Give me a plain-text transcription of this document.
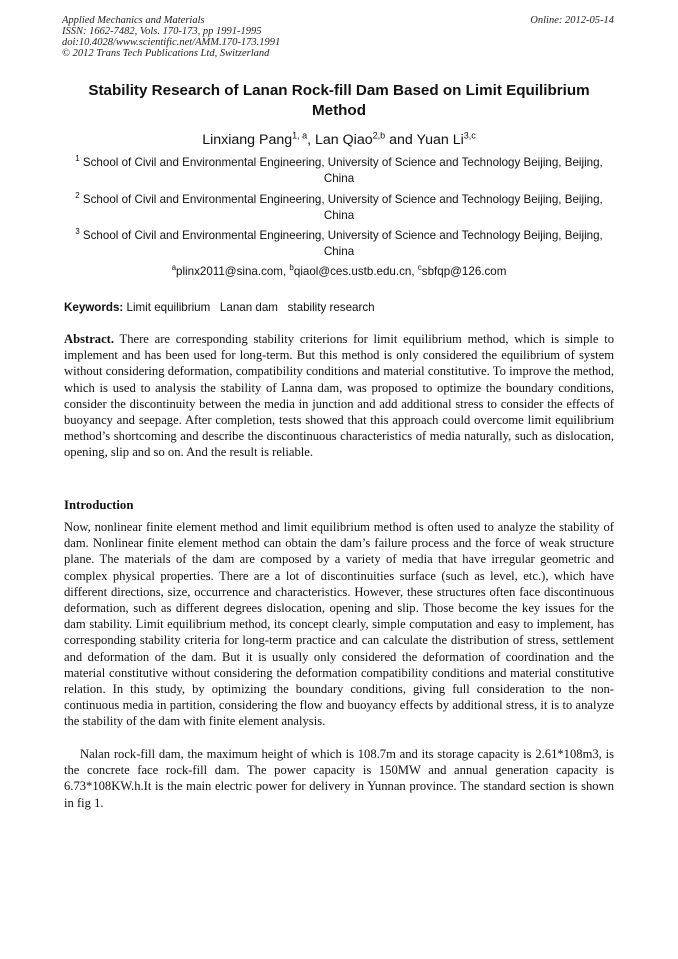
Applied Mechanics and Materials
ISSN: 1662-7482, Vols. 170-173, pp 1991-1995
doi:10.4028/www.scientific.net/AMM.170-173.1991
© 2012 Trans Tech Publications Ltd, Switzerland
Online: 2012-05-14
Stability Research of Lanan Rock-fill Dam Based on Limit Equilibrium Method
Linxiang Pang$^{1, a}$, Lan Qiao$^{2,b}$ and Yuan Li$^{3,c}$
$^1$ School of Civil and Environmental Engineering, University of Science and Technology Beijing, Beijing, China
$^2$ School of Civil and Environmental Engineering, University of Science and Technology Beijing, Beijing, China
$^3$ School of Civil and Environmental Engineering, University of Science and Technology Beijing, Beijing, China
$^a$plinx2011@sina.com, $^b$qiaol@ces.ustb.edu.cn, $^c$sbfqp@126.com
Keywords: Limit equilibrium   Lanan dam   stability research
Abstract. There are corresponding stability criterions for limit equilibrium method, which is simple to implement and has been used for long-term. But this method is only considered the equilibrium of system without considering deformation, compatibility conditions and material constitutive. To improve the method, which is used to analysis the stability of Lanna dam, was proposed to optimize the boundary conditions, consider the discontinuity between the media in junction and add additional stress to consider the effects of buoyancy and seepage. After completion, tests showed that this approach could overcome limit equilibrium method’s shortcoming and describe the discontinuous characteristics of media naturally, such as dislocation, opening, slip and so on. And the result is reliable.
Introduction
Now, nonlinear finite element method and limit equilibrium method is often used to analyze the stability of dam. Nonlinear finite element method can obtain the dam’s failure process and the force of weak structure plane. The materials of the dam are composed by a variety of media that have irregular geometric and complex physical properties. There are a lot of discontinuities surface (such as level, etc.), which have different directions, size, occurrence and characteristics. However, these structures often face discontinuous deformation, such as different degrees dislocation, opening and slip. Those become the key issues for the dam stability. Limit equilibrium method, its concept clearly, simple computation and easy to implement, has corresponding stability criteria for long-term practice and can calculate the distribution of stress, settlement and deformation of the dam. But it is usually only considered the deformation of coordination and the material constitutive without considering the deformation compatibility conditions and material constitutive relation. In this study, by optimizing the boundary conditions, giving full consideration to the non-continuous media in partition, considering the flow and buoyancy effects by additional stress, it is to analyze the stability of the dam with finite element analysis.
Nalan rock-fill dam, the maximum height of which is 108.7m and its storage capacity is 2.61*108m3, is the concrete face rock-fill dam. The power capacity is 150MW and annual generation capacity is 6.73*108KW.h.It is the main electric power for delivery in Yunnan province. The standard section is shown in fig 1.
